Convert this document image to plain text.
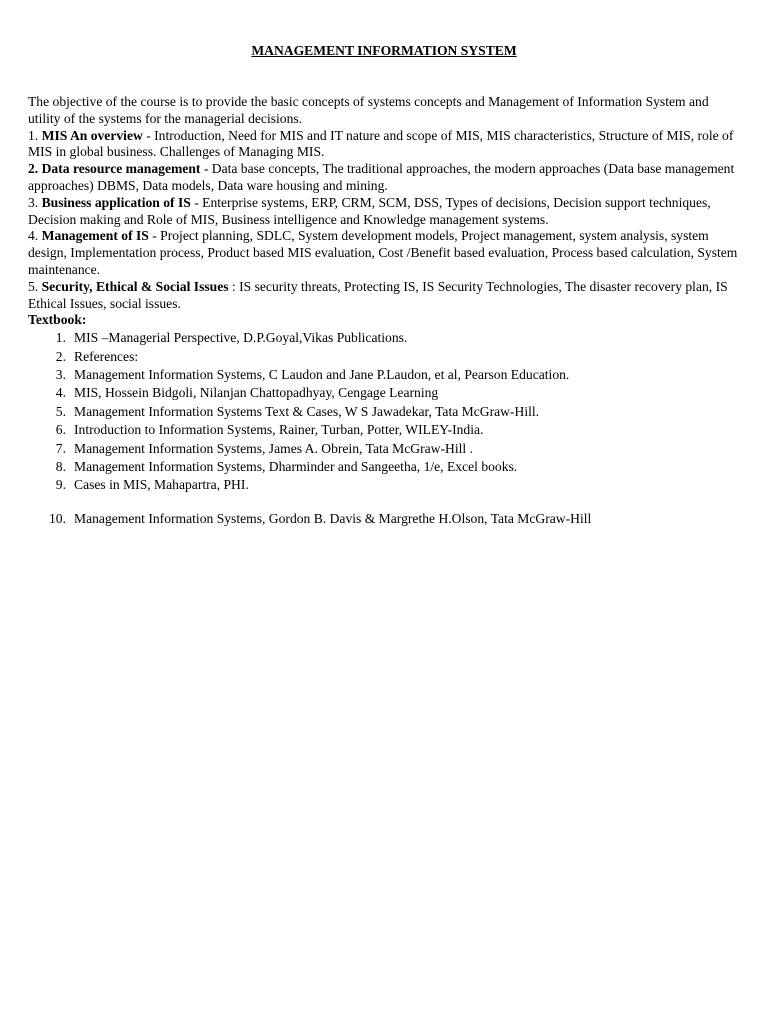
MANAGEMENT INFORMATION SYSTEM

The objective of the course is to provide the basic concepts of systems concepts and Management of Information System and utility of the systems for the managerial decisions.

1. MIS An overview - Introduction, Need for MIS and IT nature and scope of MIS, MIS characteristics, Structure of MIS, role of MIS in global business. Challenges of Managing MIS.

2. Data resource management - Data base concepts, The traditional approaches, the modern approaches (Data base management approaches) DBMS, Data models, Data ware housing and mining.

3. Business application of IS - Enterprise systems, ERP, CRM, SCM, DSS, Types of decisions, Decision support techniques, Decision making and Role of MIS, Business intelligence and Knowledge management systems.

4. Management of IS - Project planning, SDLC, System development models, Project management, system analysis, system design, Implementation process, Product based MIS evaluation, Cost /Benefit based evaluation, Process based calculation, System maintenance.

5. Security, Ethical & Social Issues : IS security threats, Protecting IS, IS Security Technologies, The disaster recovery plan, IS Ethical Issues, social issues.

Textbook:

1. MIS –Managerial Perspective, D.P.Goyal,Vikas Publications.
2. References:
3. Management Information Systems, C Laudon and Jane P.Laudon, et al, Pearson Education.
4. MIS, Hossein Bidgoli, Nilanjan Chattopadhyay, Cengage Learning
5. Management Information Systems Text & Cases, W S Jawadekar, Tata McGraw-Hill.
6. Introduction to Information Systems, Rainer, Turban, Potter, WILEY-India.
7. Management Information Systems, James A. Obrein, Tata McGraw-Hill .
8. Management Information Systems, Dharminder and Sangeetha, 1/e, Excel books.
9. Cases in MIS, Mahapartra, PHI.
10. Management Information Systems, Gordon B. Davis & Margrethe H.Olson, Tata McGraw-Hill
